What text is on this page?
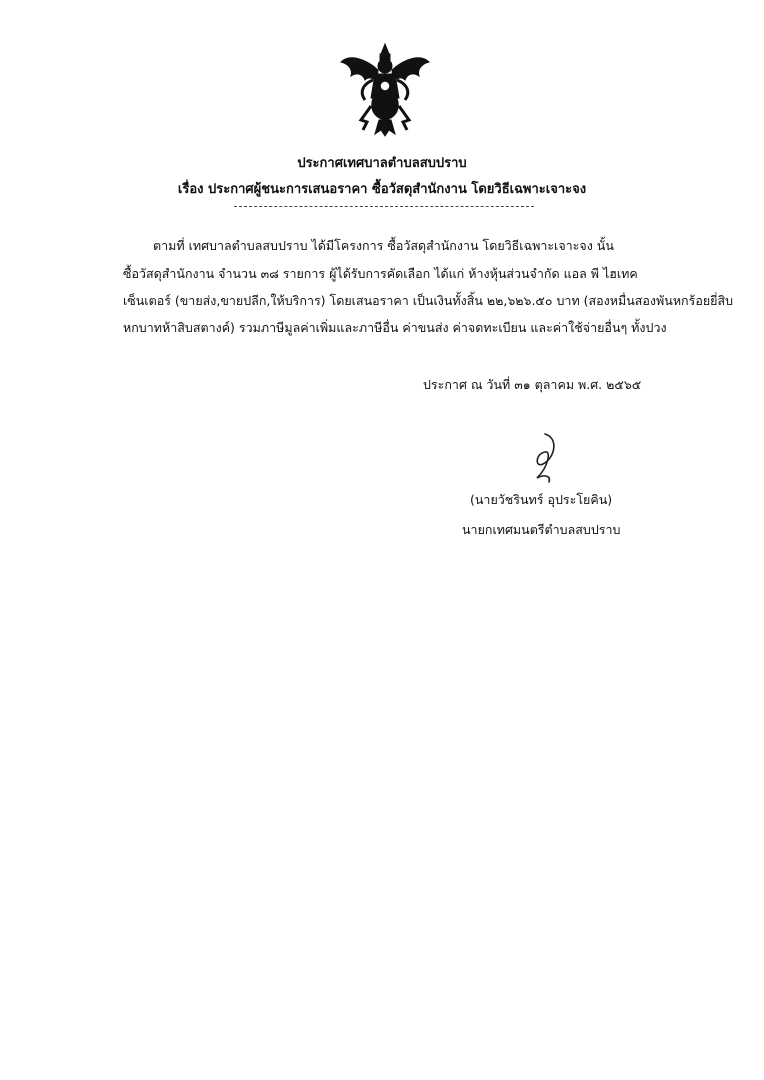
ประกาศเทศบาลตำบลสบปราบ
เรื่อง ประกาศผู้ชนะการเสนอราคา ซื้อวัสดุสำนักงาน โดยวิธีเฉพาะเจาะจง
ตามที่ เทศบาลตำบลสบปราบ ได้มีโครงการ ซื้อวัสดุสำนักงาน โดยวิธีเฉพาะเจาะจง นั้น
ซื้อวัสดุสำนักงาน จำนวน ๓๘ รายการ ผู้ได้รับการคัดเลือก ได้แก่ ห้างหุ้นส่วนจำกัด แอล พี ไฮเทค
เซ็นเตอร์ (ขายส่ง,ขายปลีก,ให้บริการ) โดยเสนอราคา เป็นเงินทั้งสิ้น ๒๒,๖๒๖.๕๐ บาท (สองหมื่นสองพันหกร้อยยี่สิบ
หกบาทห้าสิบสตางค์) รวมภาษีมูลค่าเพิ่มและภาษีอื่น ค่าขนส่ง ค่าจดทะเบียน และค่าใช้จ่ายอื่นๆ ทั้งปวง
ประกาศ ณ วันที่ ๓๑ ตุลาคม พ.ศ. ๒๕๖๕
(นายวัชรินทร์ อุประโยคิน)
นายกเทศมนตรีตำบลสบปราบ
